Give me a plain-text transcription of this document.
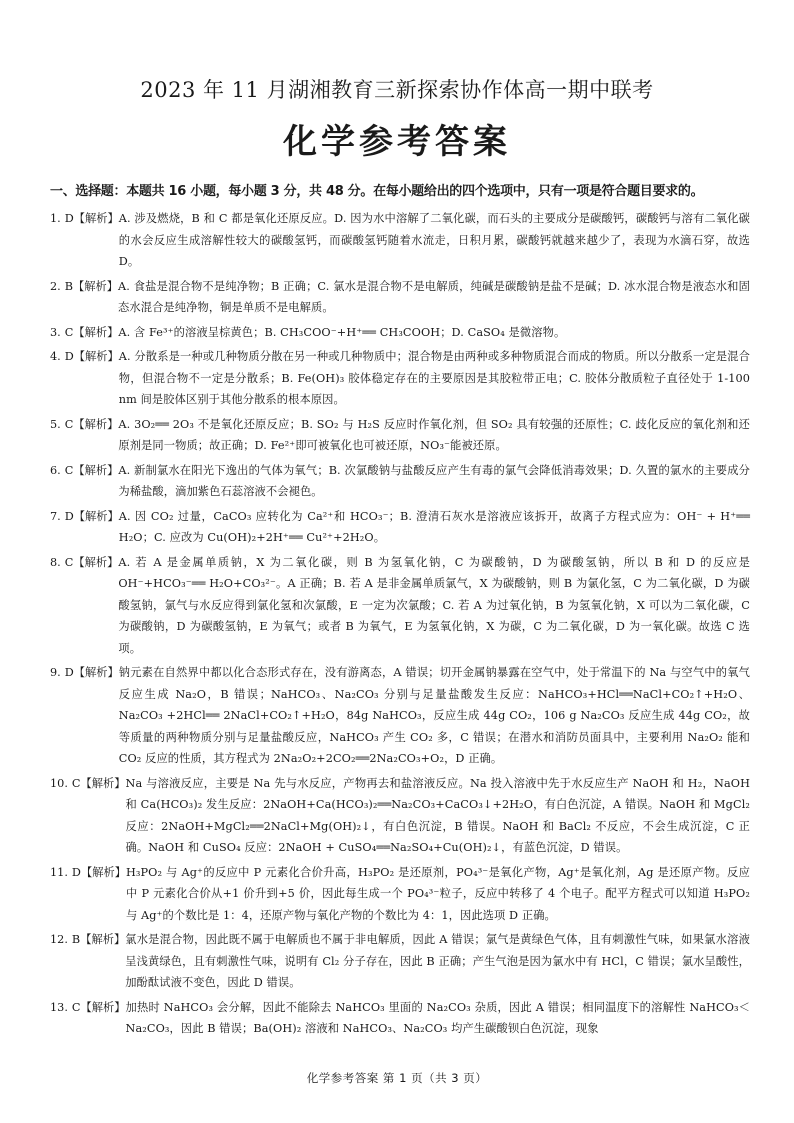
2023 年 11 月湖湘教育三新探索协作体高一期中联考
化学参考答案
一、选择题：本题共 16 小题，每小题 3 分，共 48 分。在每小题给出的四个选项中，只有一项是符合题目要求的。
1. D【解析】 A. 涉及燃烧，B 和 C 都是氧化还原反应。D. 因为水中溶解了二氧化碳，而石头的主要成分是碳酸钙，碳酸钙与溶有二氧化碳的水会反应生成溶解性较大的碳酸氢钙，而碳酸氢钙随着水流走，日积月累，碳酸钙就越来越少了，表现为水滴石穿，故选 D。
2. B【解析】 A. 食盐是混合物不是纯净物；B 正确；C. 氯水是混合物不是电解质，纯碱是碳酸钠是盐不是碱；D. 冰水混合物是液态水和固态水混合是纯净物，铜是单质不是电解质。
3. C【解析】 A. 含 Fe³⁺的溶液呈棕黄色；B. CH₃COO⁻+H⁺══ CH₃COOH；D. CaSO₄ 是微溶物。
4. D【解析】 A. 分散系是一种或几种物质分散在另一种或几种物质中；混合物是由两种或多种物质混合而成的物质。所以分散系一定是混合物，但混合物不一定是分散系；B. Fe(OH)₃ 胶体稳定存在的主要原因是其胶粒带正电；C. 胶体分散质粒子直径处于 1-100 nm 间是胶体区别于其他分散系的根本原因。
5. C【解析】 A. 3O₂══ 2O₃ 不是氧化还原反应；B. SO₂ 与 H₂S 反应时作氧化剂，但 SO₂ 具有较强的还原性；C. 歧化反应的氧化剂和还原剂是同一物质；故正确；D. Fe²⁺即可被氧化也可被还原，NO₃⁻能被还原。
6. C【解析】 A. 新制氯水在阳光下逸出的气体为氧气；B. 次氯酸钠与盐酸反应产生有毒的氯气会降低消毒效果；D. 久置的氯水的主要成分为稀盐酸，滴加紫色石蕊溶液不会褪色。
7. D【解析】 A. 因 CO₂ 过量，CaCO₃ 应转化为 Ca²⁺和 HCO₃⁻；B. 澄清石灰水是溶液应该拆开，故离子方程式应为：OH⁻ + H⁺══ H₂O；C. 应改为 Cu(OH)₂+2H⁺══ Cu²⁺+2H₂O。
8. C【解析】 A. 若 A 是金属单质钠，X 为二氧化碳，则 B 为氢氧化钠，C 为碳酸钠，D 为碳酸氢钠，所以 B 和 D 的反应是 OH⁻+HCO₃⁻══ H₂O+CO₃²⁻。A 正确；B. 若 A 是非金属单质氯气，X 为碳酸钠，则 B 为氯化氢，C 为二氧化碳，D 为碳酸氢钠，氯气与水反应得到氯化氢和次氯酸，E 一定为次氯酸；C. 若 A 为过氧化钠，B 为氢氧化钠，X 可以为二氧化碳，C 为碳酸钠，D 为碳酸氢钠，E 为氧气；或者 B 为氧气，E 为氢氧化钠，X 为碳，C 为二氧化碳，D 为一氧化碳。故选 C 选项。
9. D【解析】 钠元素在自然界中都以化合态形式存在，没有游离态，A 错误；切开金属钠暴露在空气中，处于常温下的 Na 与空气中的氧气反应生成 Na₂O，B 错误；NaHCO₃、Na₂CO₃ 分别与足量盐酸发生反应：NaHCO₃+HCl══NaCl+CO₂↑+H₂O、Na₂CO₃ +2HCl══ 2NaCl+CO₂↑+H₂O，84g NaHCO₃，反应生成 44g CO₂，106 g Na₂CO₃ 反应生成 44g CO₂，故等质量的两种物质分别与足量盐酸反应，NaHCO₃ 产生 CO₂ 多，C 错误；在潜水和消防员面具中，主要利用 Na₂O₂ 能和 CO₂ 反应的性质，其方程式为 2Na₂O₂+2CO₂══2Na₂CO₃+O₂，D 正确。
10. C【解析】 Na 与溶液反应，主要是 Na 先与水反应，产物再去和盐溶液反应。Na 投入溶液中先于水反应生产 NaOH 和 H₂，NaOH 和 Ca(HCO₃)₂ 发生反应：2NaOH+Ca(HCO₃)₂══Na₂CO₃+CaCO₃↓+2H₂O，有白色沉淀，A 错误。NaOH 和 MgCl₂ 反应：2NaOH+MgCl₂══2NaCl+Mg(OH)₂↓，有白色沉淀，B 错误。NaOH 和 BaCl₂ 不反应，不会生成沉淀，C 正确。NaOH 和 CuSO₄ 反应：2NaOH + CuSO₄══Na₂SO₄+Cu(OH)₂↓，有蓝色沉淀，D 错误。
11. D【解析】 H₃PO₂ 与 Ag⁺的反应中 P 元素化合价升高，H₃PO₂ 是还原剂，PO₄³⁻是氧化产物，Ag⁺是氧化剂，Ag 是还原产物。反应中 P 元素化合价从+1 价升到+5 价，因此每生成一个 PO₄³⁻粒子，反应中转移了 4 个电子。配平方程式可以知道 H₃PO₂ 与 Ag⁺的个数比是 1：4，还原产物与氧化产物的个数比为 4：1，因此选项 D 正确。
12. B【解析】 氯水是混合物，因此既不属于电解质也不属于非电解质，因此 A 错误；氯气是黄绿色气体，且有刺激性气味，如果氯水溶液呈浅黄绿色，且有刺激性气味，说明有 Cl₂ 分子存在，因此 B 正确；产生气泡是因为氯水中有 HCl，C 错误；氯水呈酸性，加酚酞试液不变色，因此 D 错误。
13. C【解析】 加热时 NaHCO₃ 会分解，因此不能除去 NaHCO₃ 里面的 Na₂CO₃ 杂质，因此 A 错误；相同温度下的溶解性 NaHCO₃＜Na₂CO₃，因此 B 错误；Ba(OH)₂ 溶液和 NaHCO₃、Na₂CO₃ 均产生碳酸钡白色沉淀，现象
化学参考答案 第 1 页（共 3 页）
